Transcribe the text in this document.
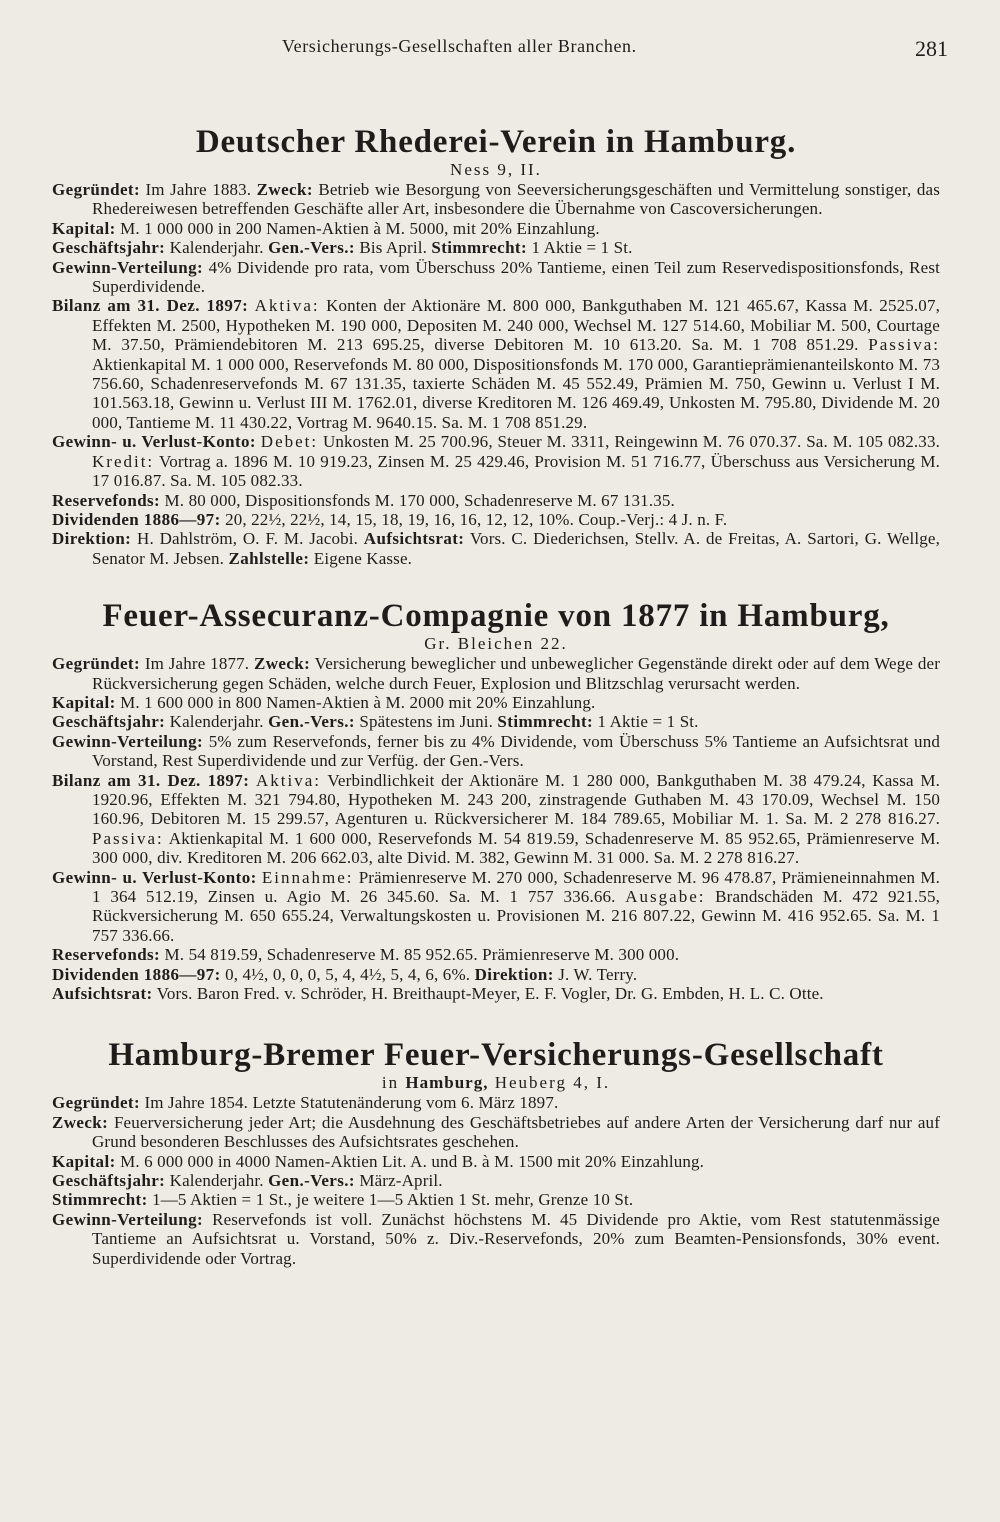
Versicherungs-Gesellschaften aller Branchen.	281
Deutscher Rhederei-Verein in Hamburg.
Ness 9, II.

Gegründet: Im Jahre 1883. Zweck: Betrieb wie Besorgung von Seeversicherungsgeschäften und Vermittelung sonstiger, das Rhedereiwesen betreffenden Geschäfte aller Art, insbesondere die Übernahme von Cascoversicherungen.

Kapital: M. 1 000 000 in 200 Namen-Aktien à M. 5000, mit 20% Einzahlung.

Geschäftsjahr: Kalenderjahr. Gen.-Vers.: Bis April. Stimmrecht: 1 Aktie = 1 St.

Gewinn-Verteilung: 4% Dividende pro rata, vom Überschuss 20% Tantieme, einen Teil zum Reservedispositionsfonds, Rest Superdividende.

Bilanz am 31. Dez. 1897: Aktiva: Konten der Aktionäre M. 800 000, Bankguthaben M. 121 465.67, Kassa M. 2525.07, Effekten M. 2500, Hypotheken M. 190 000, Depositen M. 240 000, Wechsel M. 127 514.60, Mobiliar M. 500, Courtage M. 37.50, Prämiendebitoren M. 213 695.25, diverse Debitoren M. 10 613.20. Sa. M. 1 708 851.29. Passiva: Aktienkapital M. 1 000 000, Reservefonds M. 80 000, Dispositionsfonds M. 170 000, Garantieprämienanteilskonto M. 73 756.60, Schadenreservefonds M. 67 131.35, taxierte Schäden M. 45 552.49, Prämien M. 750, Gewinn u. Verlust I M. 101.563.18, Gewinn u. Verlust III M. 1762.01, diverse Kreditoren M. 126 469.49, Unkosten M. 795.80, Dividende M. 20 000, Tantieme M. 11 430.22, Vortrag M. 9640.15. Sa. M. 1 708 851.29.

Gewinn- u. Verlust-Konto: Debet: Unkosten M. 25 700.96, Steuer M. 3311, Reingewinn M. 76 070.37. Sa. M. 105 082.33. Kredit: Vortrag a. 1896 M. 10 919.23, Zinsen M. 25 429.46, Provision M. 51 716.77, Überschuss aus Versicherung M. 17 016.87. Sa. M. 105 082.33.

Reservefonds: M. 80 000, Dispositionsfonds M. 170 000, Schadenreserve M. 67 131.35.

Dividenden 1886—97: 20, 22½, 22½, 14, 15, 18, 19, 16, 16, 12, 12, 10%. Coup.-Verj.: 4 J. n. F.

Direktion: H. Dahlström, O. F. M. Jacobi. Aufsichtsrat: Vors. C. Diederichsen, Stellv. A. de Freitas, A. Sartori, G. Wellge, Senator M. Jebsen. Zahlstelle: Eigene Kasse.

Feuer-Assecuranz-Compagnie von 1877 in Hamburg,
Gr. Bleichen 22.

Gegründet: Im Jahre 1877. Zweck: Versicherung beweglicher und unbeweglicher Gegenstände direkt oder auf dem Wege der Rückversicherung gegen Schäden, welche durch Feuer, Explosion und Blitzschlag verursacht werden.

Kapital: M. 1 600 000 in 800 Namen-Aktien à M. 2000 mit 20% Einzahlung.

Geschäftsjahr: Kalenderjahr. Gen.-Vers.: Spätestens im Juni. Stimmrecht: 1 Aktie = 1 St.

Gewinn-Verteilung: 5% zum Reservefonds, ferner bis zu 4% Dividende, vom Überschuss 5% Tantieme an Aufsichtsrat und Vorstand, Rest Superdividende und zur Verfüg. der Gen.-Vers.

Bilanz am 31. Dez. 1897: Aktiva: Verbindlichkeit der Aktionäre M. 1 280 000, Bankguthaben M. 38 479.24, Kassa M. 1920.96, Effekten M. 321 794.80, Hypotheken M. 243 200, zinstragende Guthaben M. 43 170.09, Wechsel M. 150 160.96, Debitoren M. 15 299.57, Agenturen u. Rückversicherer M. 184 789.65, Mobiliar M. 1. Sa. M. 2 278 816.27. Passiva: Aktienkapital M. 1 600 000, Reservefonds M. 54 819.59, Schadenreserve M. 85 952.65, Prämienreserve M. 300 000, div. Kreditoren M. 206 662.03, alte Divid. M. 382, Gewinn M. 31 000. Sa. M. 2 278 816.27.

Gewinn- u. Verlust-Konto: Einnahme: Prämienreserve M. 270 000, Schadenreserve M. 96 478.87, Prämieneinnahmen M. 1 364 512.19, Zinsen u. Agio M. 26 345.60. Sa. M. 1 757 336.66. Ausgabe: Brandschäden M. 472 921.55, Rückversicherung M. 650 655.24, Verwaltungskosten u. Provisionen M. 216 807.22, Gewinn M. 416 952.65. Sa. M. 1 757 336.66.

Reservefonds: M. 54 819.59, Schadenreserve M. 85 952.65. Prämienreserve M. 300 000.

Dividenden 1886—97: 0, 4½, 0, 0, 0, 5, 4, 4½, 5, 4, 6, 6%. Direktion: J. W. Terry.

Aufsichtsrat: Vors. Baron Fred. v. Schröder, H. Breithaupt-Meyer, E. F. Vogler, Dr. G. Embden, H. L. C. Otte.

Hamburg-Bremer Feuer-Versicherungs-Gesellschaft
in Hamburg, Heuberg 4, I.

Gegründet: Im Jahre 1854. Letzte Statutenänderung vom 6. März 1897.

Zweck: Feuerversicherung jeder Art; die Ausdehnung des Geschäftsbetriebes auf andere Arten der Versicherung darf nur auf Grund besonderen Beschlusses des Aufsichtsrates geschehen.

Kapital: M. 6 000 000 in 4000 Namen-Aktien Lit. A. und B. à M. 1500 mit 20% Einzahlung.

Geschäftsjahr: Kalenderjahr. Gen.-Vers.: März-April.

Stimmrecht: 1—5 Aktien = 1 St., je weitere 1—5 Aktien 1 St. mehr, Grenze 10 St.

Gewinn-Verteilung: Reservefonds ist voll. Zunächst höchstens M. 45 Dividende pro Aktie, vom Rest statutenmässige Tantieme an Aufsichtsrat u. Vorstand, 50% z. Div.-Reservefonds, 20% zum Beamten-Pensionsfonds, 30% event. Superdividende oder Vortrag.
